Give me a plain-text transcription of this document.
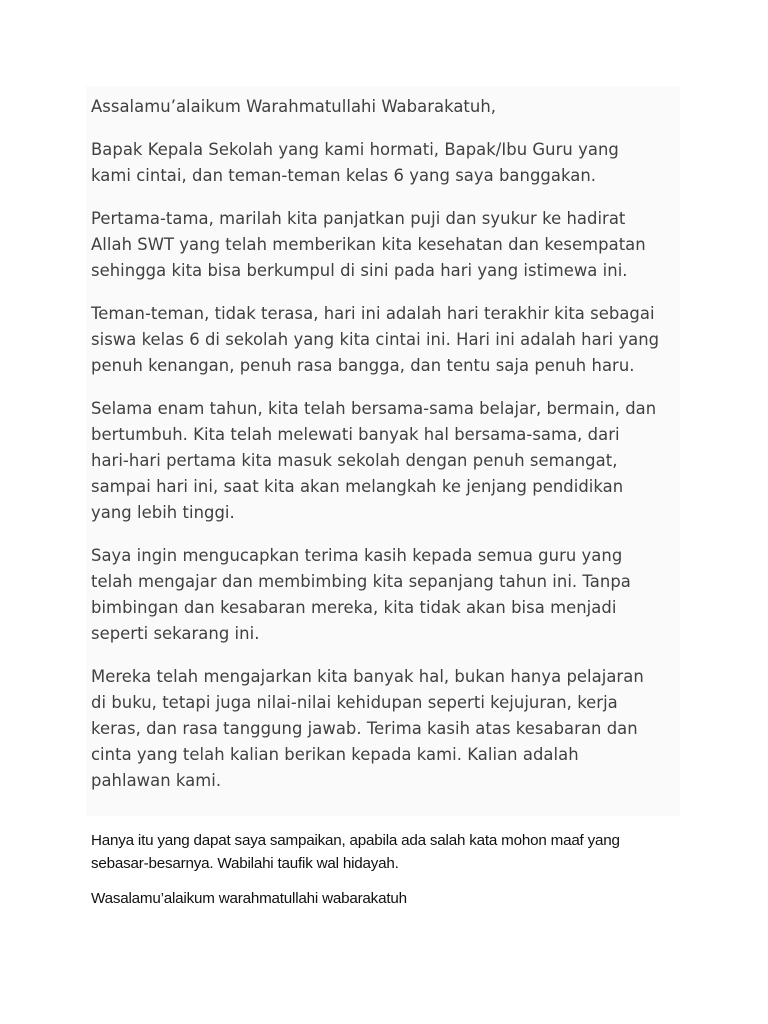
Assalamu’alaikum Warahmatullahi Wabarakatuh,

Bapak Kepala Sekolah yang kami hormati, Bapak/Ibu Guru yang
kami cintai, dan teman-teman kelas 6 yang saya banggakan.

Pertama-tama, marilah kita panjatkan puji dan syukur ke hadirat
Allah SWT yang telah memberikan kita kesehatan dan kesempatan
sehingga kita bisa berkumpul di sini pada hari yang istimewa ini.

Teman-teman, tidak terasa, hari ini adalah hari terakhir kita sebagai
siswa kelas 6 di sekolah yang kita cintai ini. Hari ini adalah hari yang
penuh kenangan, penuh rasa bangga, dan tentu saja penuh haru.

Selama enam tahun, kita telah bersama-sama belajar, bermain, dan
bertumbuh. Kita telah melewati banyak hal bersama-sama, dari
hari-hari pertama kita masuk sekolah dengan penuh semangat,
sampai hari ini, saat kita akan melangkah ke jenjang pendidikan
yang lebih tinggi.

Saya ingin mengucapkan terima kasih kepada semua guru yang
telah mengajar dan membimbing kita sepanjang tahun ini. Tanpa
bimbingan dan kesabaran mereka, kita tidak akan bisa menjadi
seperti sekarang ini.

Mereka telah mengajarkan kita banyak hal, bukan hanya pelajaran
di buku, tetapi juga nilai-nilai kehidupan seperti kejujuran, kerja
keras, dan rasa tanggung jawab. Terima kasih atas kesabaran dan
cinta yang telah kalian berikan kepada kami. Kalian adalah
pahlawan kami.

Hanya itu yang dapat saya sampaikan, apabila ada salah kata mohon maaf yang
sebasar-besarnya. Wabilahi taufik wal hidayah.

Wasalamu’alaikum warahmatullahi wabarakatuh
